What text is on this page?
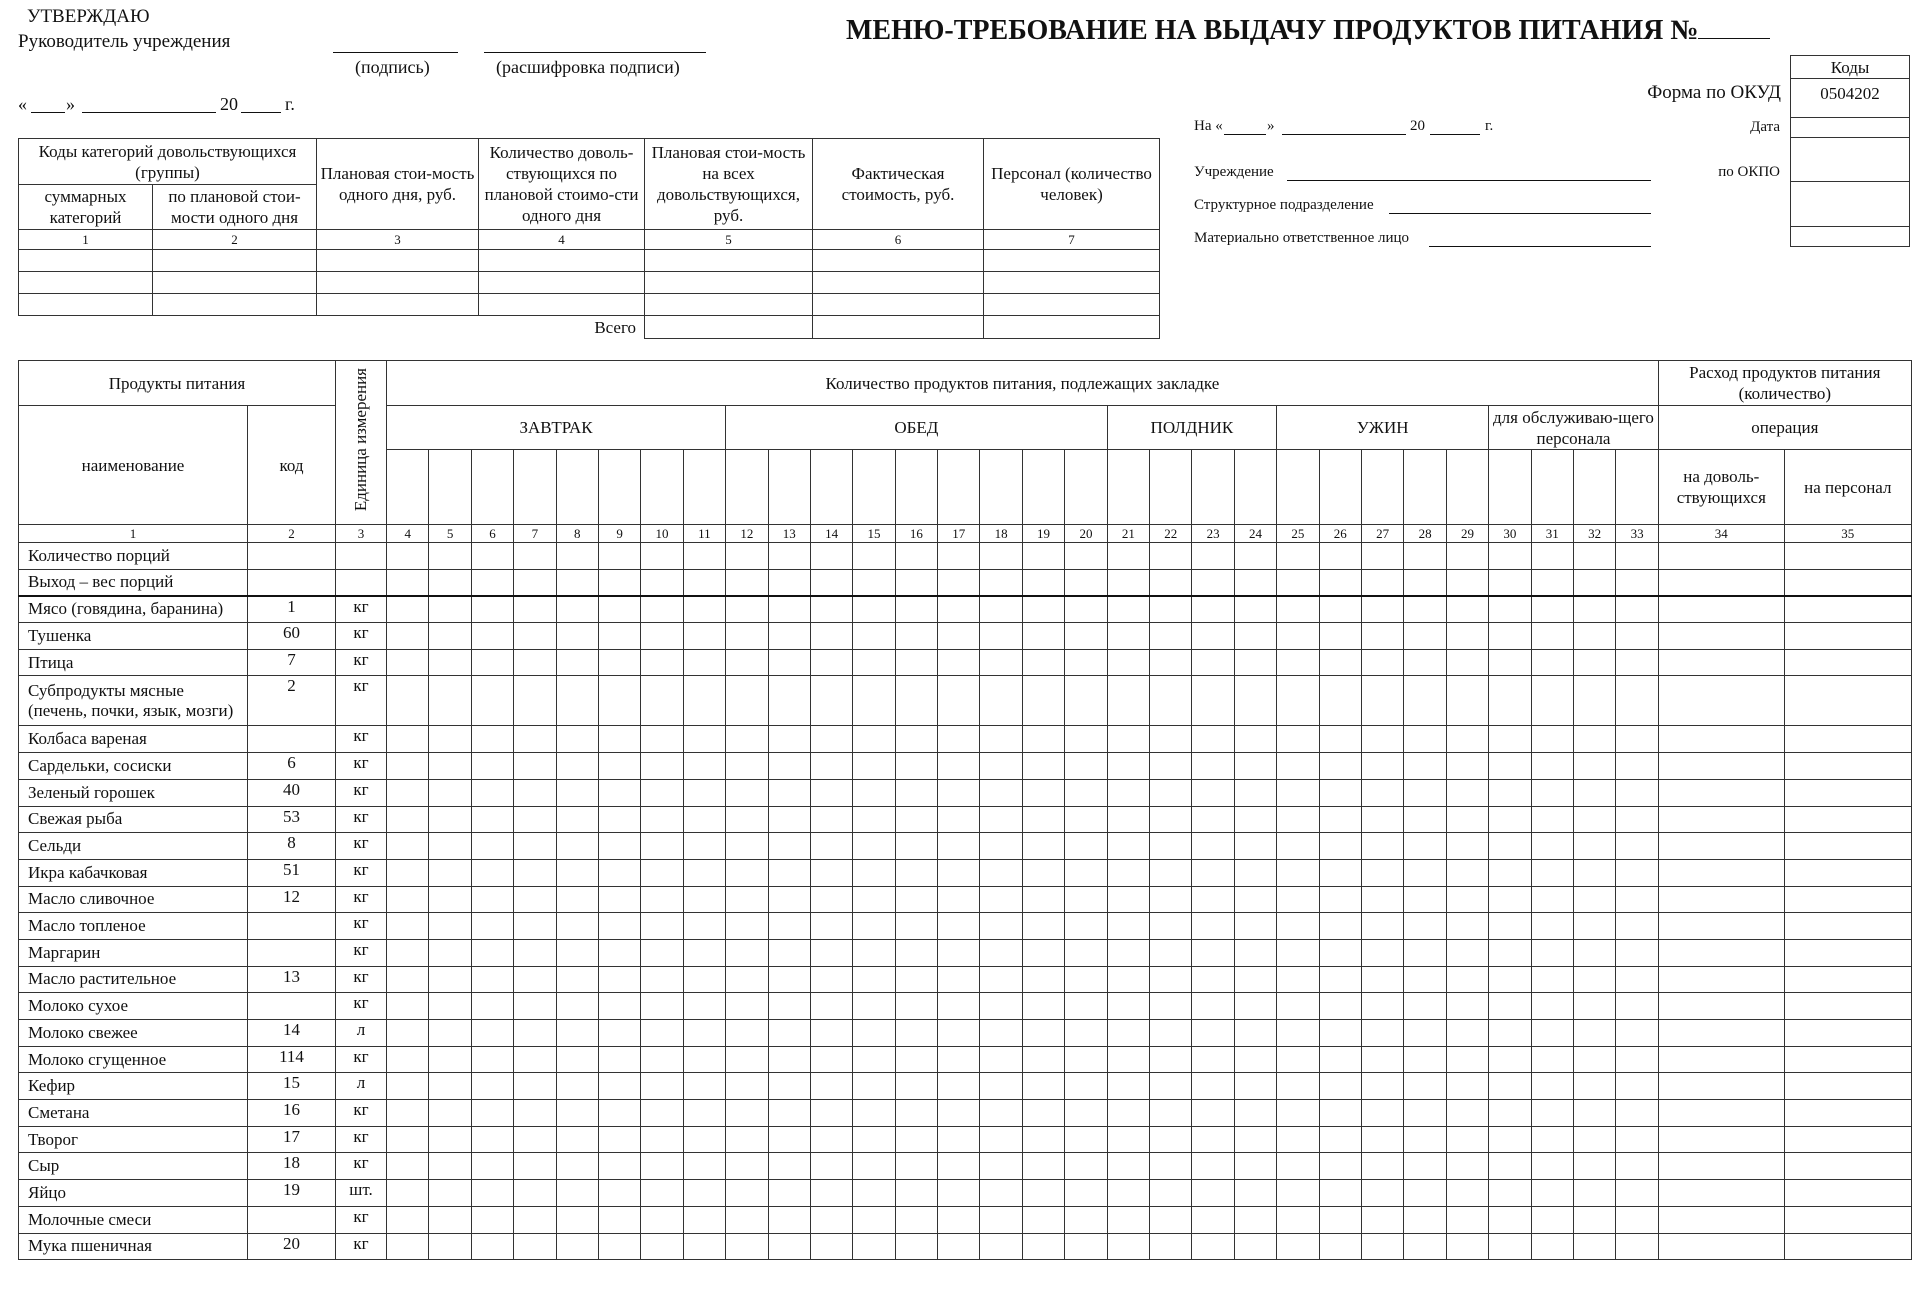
УТВЕРЖДАЮ
Руководитель учреждения
(подпись)	(расшифровка подписи)
« »	20	г.
МЕНЮ-ТРЕБОВАНИЕ НА ВЫДАЧУ ПРОДУКТОВ ПИТАНИЯ №
Коды
0504202

Форма по ОКУД
Дата
по ОКПО
На «	»	20	г.
Учреждение
Структурное подразделение
Материально ответственное лицо
Коды категорий довольствующихся (группы)		Плановая стои-мость одного дня, руб.	Количество доволь-ствующихся по плановой стоимо-сти одного дня	Плановая стои-мость на всех довольствующихся, руб.	Фактическая стоимость, руб.	Персонал (количество человек)
суммарных категорий	по плановой стои-мости одного дня					
1	2	3	4	5	6	7

Всего						
Продукты питания		Единица измерения	Количество продуктов питания, подлежащих закладке																														Расход продуктов питания (количество)	
наименование	код		ЗАВТРАК								ОБЕД									ПОЛДНИК				УЖИН					для обслуживаю-щего персонала				операция	
																																	на доволь-ствующихся	на персонал
1	2	3	4	5	6	7	8	9	10	11	12	13	14	15	16	17	18	19	20	21	22	23	24	25	26	27	28	29	30	31	32	33	34	35
Количество порций																																		
Выход – вес порций																																		
Мясо (говядина, баранина)	1	кг																																
Тушенка	60	кг																																
Птица	7	кг																																
Субпродукты мясные (печень, почки, язык, мозги)	2	кг																																
Колбаса вареная		кг																																
Сардельки, сосиски	6	кг																																
Зеленый горошек	40	кг																																
Свежая рыба	53	кг																																
Сельди	8	кг																																
Икра кабачковая	51	кг																																
Масло сливочное	12	кг																																
Масло топленое		кг																																
Маргарин		кг																																
Масло растительное	13	кг																																
Молоко сухое		кг																																
Молоко свежее	14	л																																
Молоко сгущенное	114	кг																																
Кефир	15	л																																
Сметана	16	кг																																
Творог	17	кг																																
Сыр	18	кг																																
Яйцо	19	шт.																																
Молочные смеси		кг																																
Мука пшеничная	20	кг																																
